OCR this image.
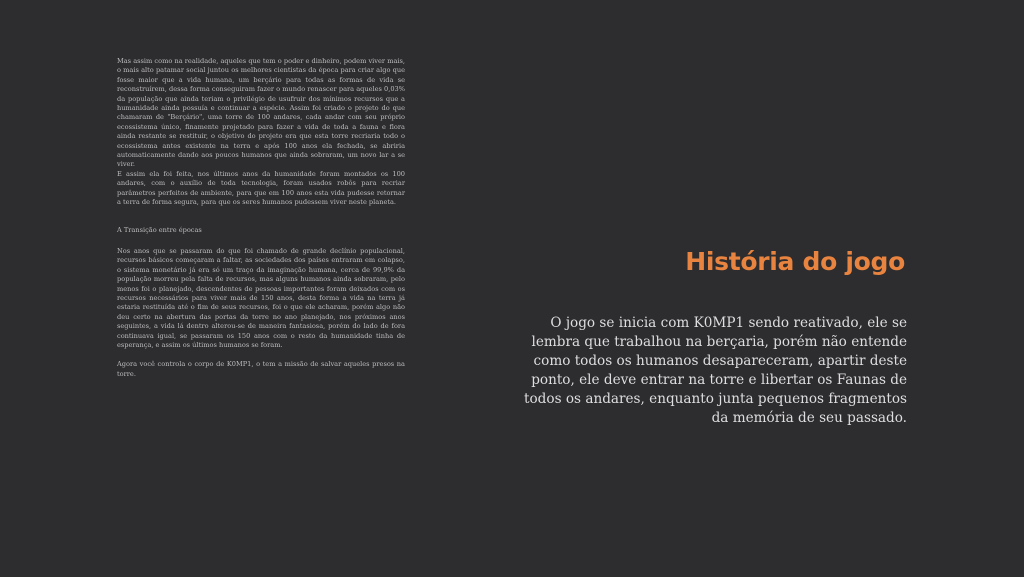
Mas assim como na realidade, aqueles que tem o poder e dinheiro, podem viver mais, o mais alto patamar social juntou os melhores cientistas da época para criar algo que fosse maior que a vida humana, um berçário para todas as formas de vida se reconstruírem, dessa forma conseguiram fazer o mundo renascer para aqueles 0,03% da população que ainda teriam o privilégio de usufruir dos mínimos recursos que a humanidade ainda possuía e continuar a espécie. Assim foi criado o projeto do que chamaram de "Berçário", uma torre de 100 andares, cada andar com seu próprio ecossistema único, finamente projetado para fazer a vida de toda a fauna e flora ainda restante se restituir, o objetivo do projeto era que esta torre recriaria todo o ecossistema antes existente na terra e após 100 anos ela fechada, se abriria automaticamente dando aos poucos humanos que ainda sobraram, um novo lar a se viver.

E assim ela foi feita, nos últimos anos da humanidade foram montados os 100 andares, com o auxílio de toda tecnologia, foram usados robôs para recriar parâmetros perfeitos de ambiente, para que em 100 anos esta vida pudesse retornar a terra de forma segura, para que os seres humanos pudessem viver neste planeta.

A Transição entre épocas

Nos anos que se passaram do que foi chamado de grande declínio populacional, recursos básicos começaram a faltar, as sociedades dos países entraram em colapso, o sistema monetário já era só um traço da imaginação humana, cerca de 99,9% da população morreu pela falta de recursos, mas alguns humanos ainda sobraram, pelo menos foi o planejado, descendentes de pessoas importantes foram deixados com os recursos necessários para viver mais de 150 anos, desta forma a vida na terra já estaria restituída até o fim de seus recursos, foi o que ele acharam, porém algo não deu certo na abertura das portas da torre no ano planejado, nos próximos anos seguintes, a vida lá dentro alterou-se de maneira fantasiosa, porém do lado de fora continuava igual, se passaram os 150 anos com o resto da humanidade tinha de esperança, e assim os últimos humanos se foram.

Agora você controla o corpo de K0MP1, o tem a missão de salvar aqueles presos na torre.

História do jogo
O jogo se inicia com K0MP1 sendo reativado, ele se lembra que trabalhou na berçaria, porém não entende como todos os humanos desapareceram, apartir deste ponto, ele deve entrar na torre e libertar os Faunas de todos os andares, enquanto junta pequenos fragmentos da memória de seu passado.
